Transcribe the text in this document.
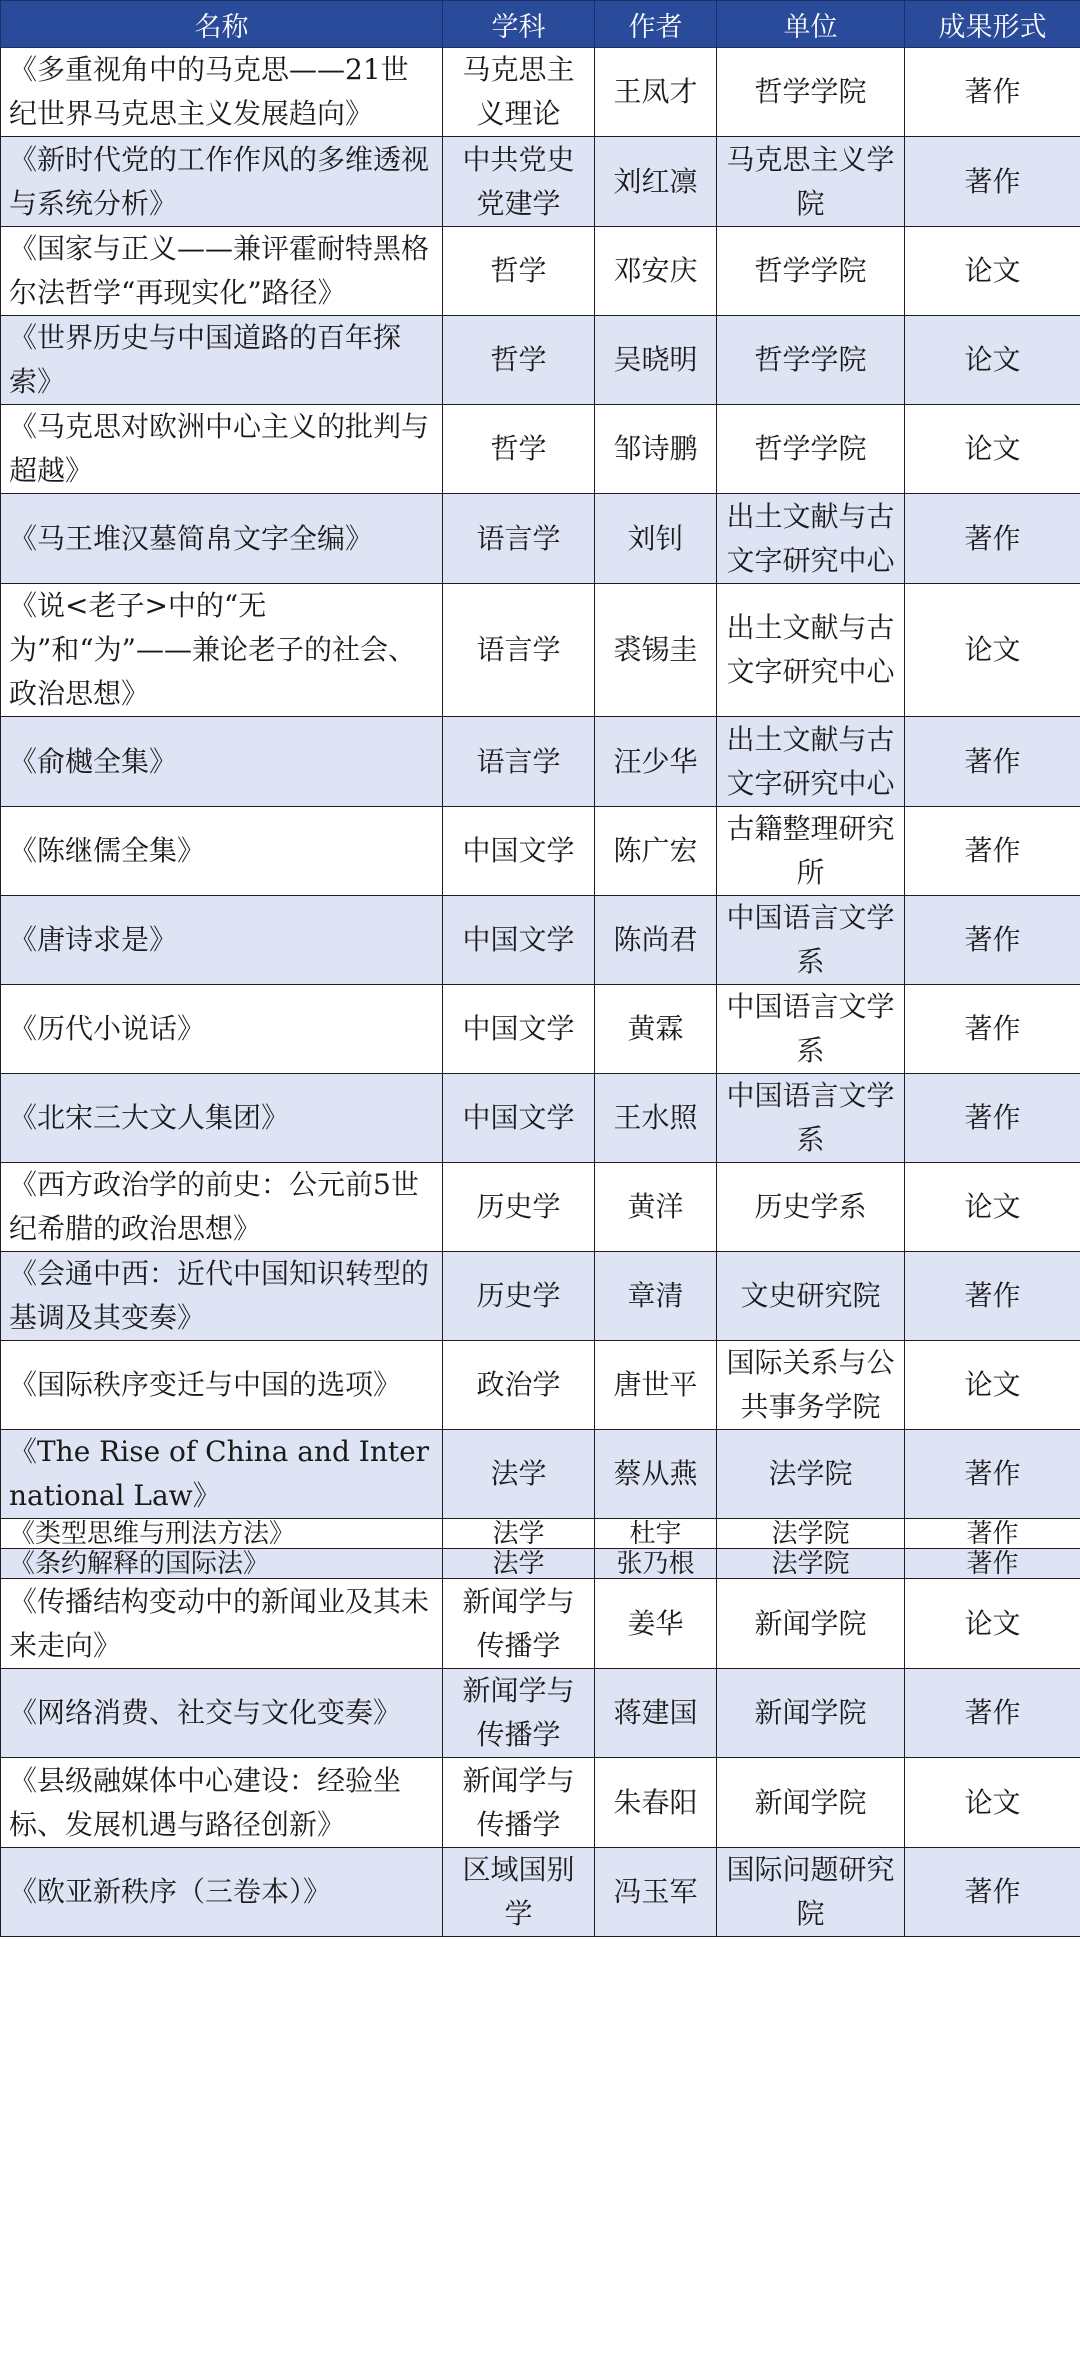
名称	学科	作者	单位	成果形式
《多重视角中的马克思——21世纪世界马克思主义发展趋向》	马克思主义理论	王凤才	哲学学院	著作
《新时代党的工作作风的多维透视与系统分析》	中共党史党建学	刘红凛	马克思主义学院	著作
《国家与正义——兼评霍耐特黑格尔法哲学“再现实化”路径》	哲学	邓安庆	哲学学院	论文
《世界历史与中国道路的百年探索》	哲学	吴晓明	哲学学院	论文
《马克思对欧洲中心主义的批判与超越》	哲学	邹诗鹏	哲学学院	论文
《马王堆汉墓简帛文字全编》	语言学	刘钊	出土文献与古文字研究中心	著作
《说<老子>中的“无为”和“为”——兼论老子的社会、政治思想》	语言学	裘锡圭	出土文献与古文字研究中心	论文
《俞樾全集》	语言学	汪少华	出土文献与古文字研究中心	著作
《陈继儒全集》	中国文学	陈广宏	古籍整理研究所	著作
《唐诗求是》	中国文学	陈尚君	中国语言文学系	著作
《历代小说话》	中国文学	黄霖	中国语言文学系	著作
《北宋三大文人集团》	中国文学	王水照	中国语言文学系	著作
《西方政治学的前史：公元前5世纪希腊的政治思想》	历史学	黄洋	历史学系	论文
《会通中西：近代中国知识转型的基调及其变奏》	历史学	章清	文史研究院	著作
《国际秩序变迁与中国的选项》	政治学	唐世平	国际关系与公共事务学院	论文
《The Rise of China and International Law》	法学	蔡从燕	法学院	著作
《类型思维与刑法方法》	法学	杜宇	法学院	著作
《条约解释的国际法》	法学	张乃根	法学院	著作
《传播结构变动中的新闻业及其未来走向》	新闻学与传播学	姜华	新闻学院	论文
《网络消费、社交与文化变奏》	新闻学与传播学	蒋建国	新闻学院	著作
《县级融媒体中心建设：经验坐标、发展机遇与路径创新》	新闻学与传播学	朱春阳	新闻学院	论文
《欧亚新秩序（三卷本）》	区域国别学	冯玉军	国际问题研究院	著作
